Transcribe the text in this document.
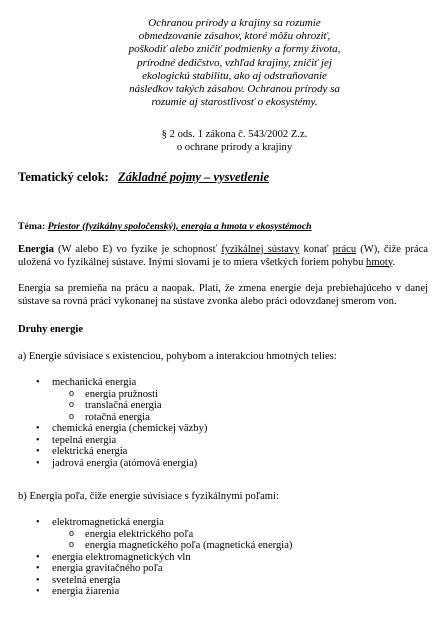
Ochranou prírody a krajiny sa rozumie
obmedzovanie zásahov, ktoré môžu ohroziť,
poškodiť alebo zničiť podmienky a formy života,
prírodné dedičstvo, vzhľad krajiny, zničiť jej
ekologickú stabilitu, ako aj odstraňovanie
následkov takých zásahov. Ochranou prírody sa
rozumie aj starostlivosť o ekosystémy.
§ 2 ods. 1 zákona č. 543/2002 Z.z.
o ochrane prírody a krajiny
Tematický celok: Základné pojmy – vysvetlenie
Téma: Priestor (fyzikálny spoločenský), energia a hmota v ekosystémoch
Energia (W alebo E) vo fyzike je schopnosť fyzikálnej sústavy konať prácu (W), čiže práca uložená vo fyzikálnej sústave. Inými slovami je to miera všetkých foriem pohybu hmoty.
Energia sa premieňa na prácu a naopak. Platí, že zmena energie deja prebiehajúceho v danej sústave sa rovná práci vykonanej na sústave zvonka alebo práci odovzdanej smerom von.
Druhy energie
a) Energie súvisiace s existenciou, pohybom a interakciou hmotných telies:
• mechanická energia
o energia pružnosti
o translačná energia
o rotačná energia
• chemická energia (chemickej väzby)
• tepelná energia
• elektrická energia
• jadrová energia (atómová energia)
b) Energia poľa, čiže energie súvisiace s fyzikálnymi poľami:
• elektromagnetická energia
o energia elektrického poľa
o energia magnetického poľa (magnetická energia)
• energia elektromagnetických vln
• energia gravitačného poľa
• svetelná energia
• energia žiarenia
